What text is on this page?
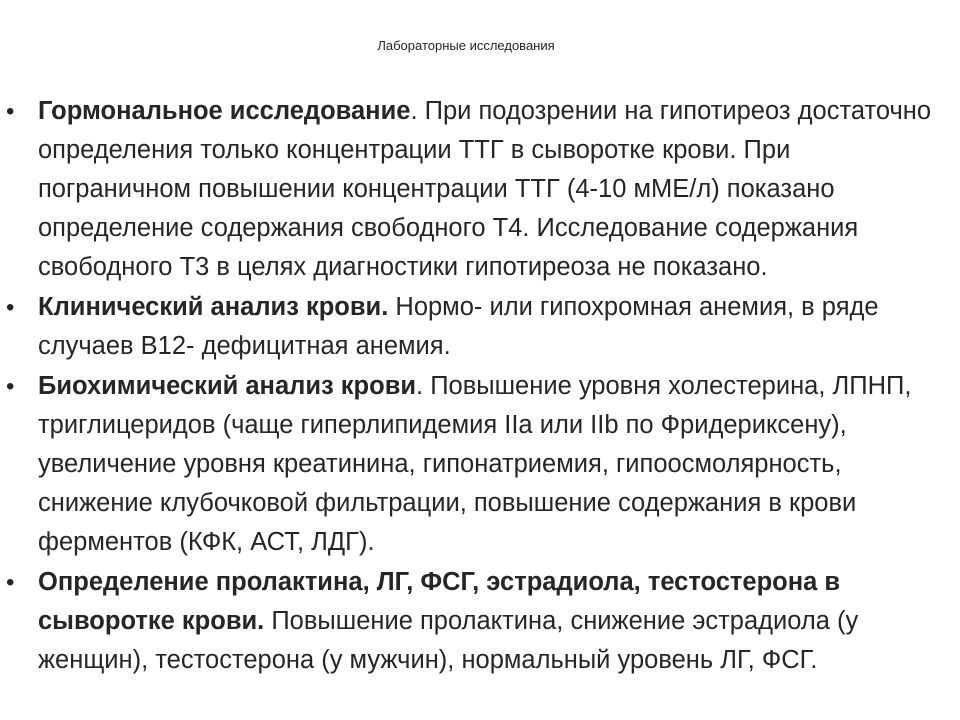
Лабораторные исследования
• Гормональное исследование. При подозрении на гипотиреоз достаточно определения только концентрации ТТГ в сыворотке крови. При пограничном повышении концентрации ТТГ (4-10 мМЕ/л) показано определение содержания свободного Т4. Исследование содержания свободного Т3 в целях диагностики гипотиреоза не показано.
• Клинический анализ крови. Нормо- или гипохромная анемия, в ряде случаев В12- дефицитная анемия.
• Биохимический анализ крови. Повышение уровня холестерина, ЛПНП, триглицеридов (чаще гиперлипидемия IIа или IIb по Фридериксену), увеличение уровня креатинина, гипонатриемия, гипоосмолярность, снижение клубочковой фильтрации, повышение содержания в крови ферментов (КФК, АСТ, ЛДГ).
• Определение пролактина, ЛГ, ФСГ, эстрадиола, тестостерона в сыворотке крови. Повышение пролактина, снижение эстрадиола (у женщин), тестостерона (у мужчин), нормальный уровень ЛГ, ФСГ.
